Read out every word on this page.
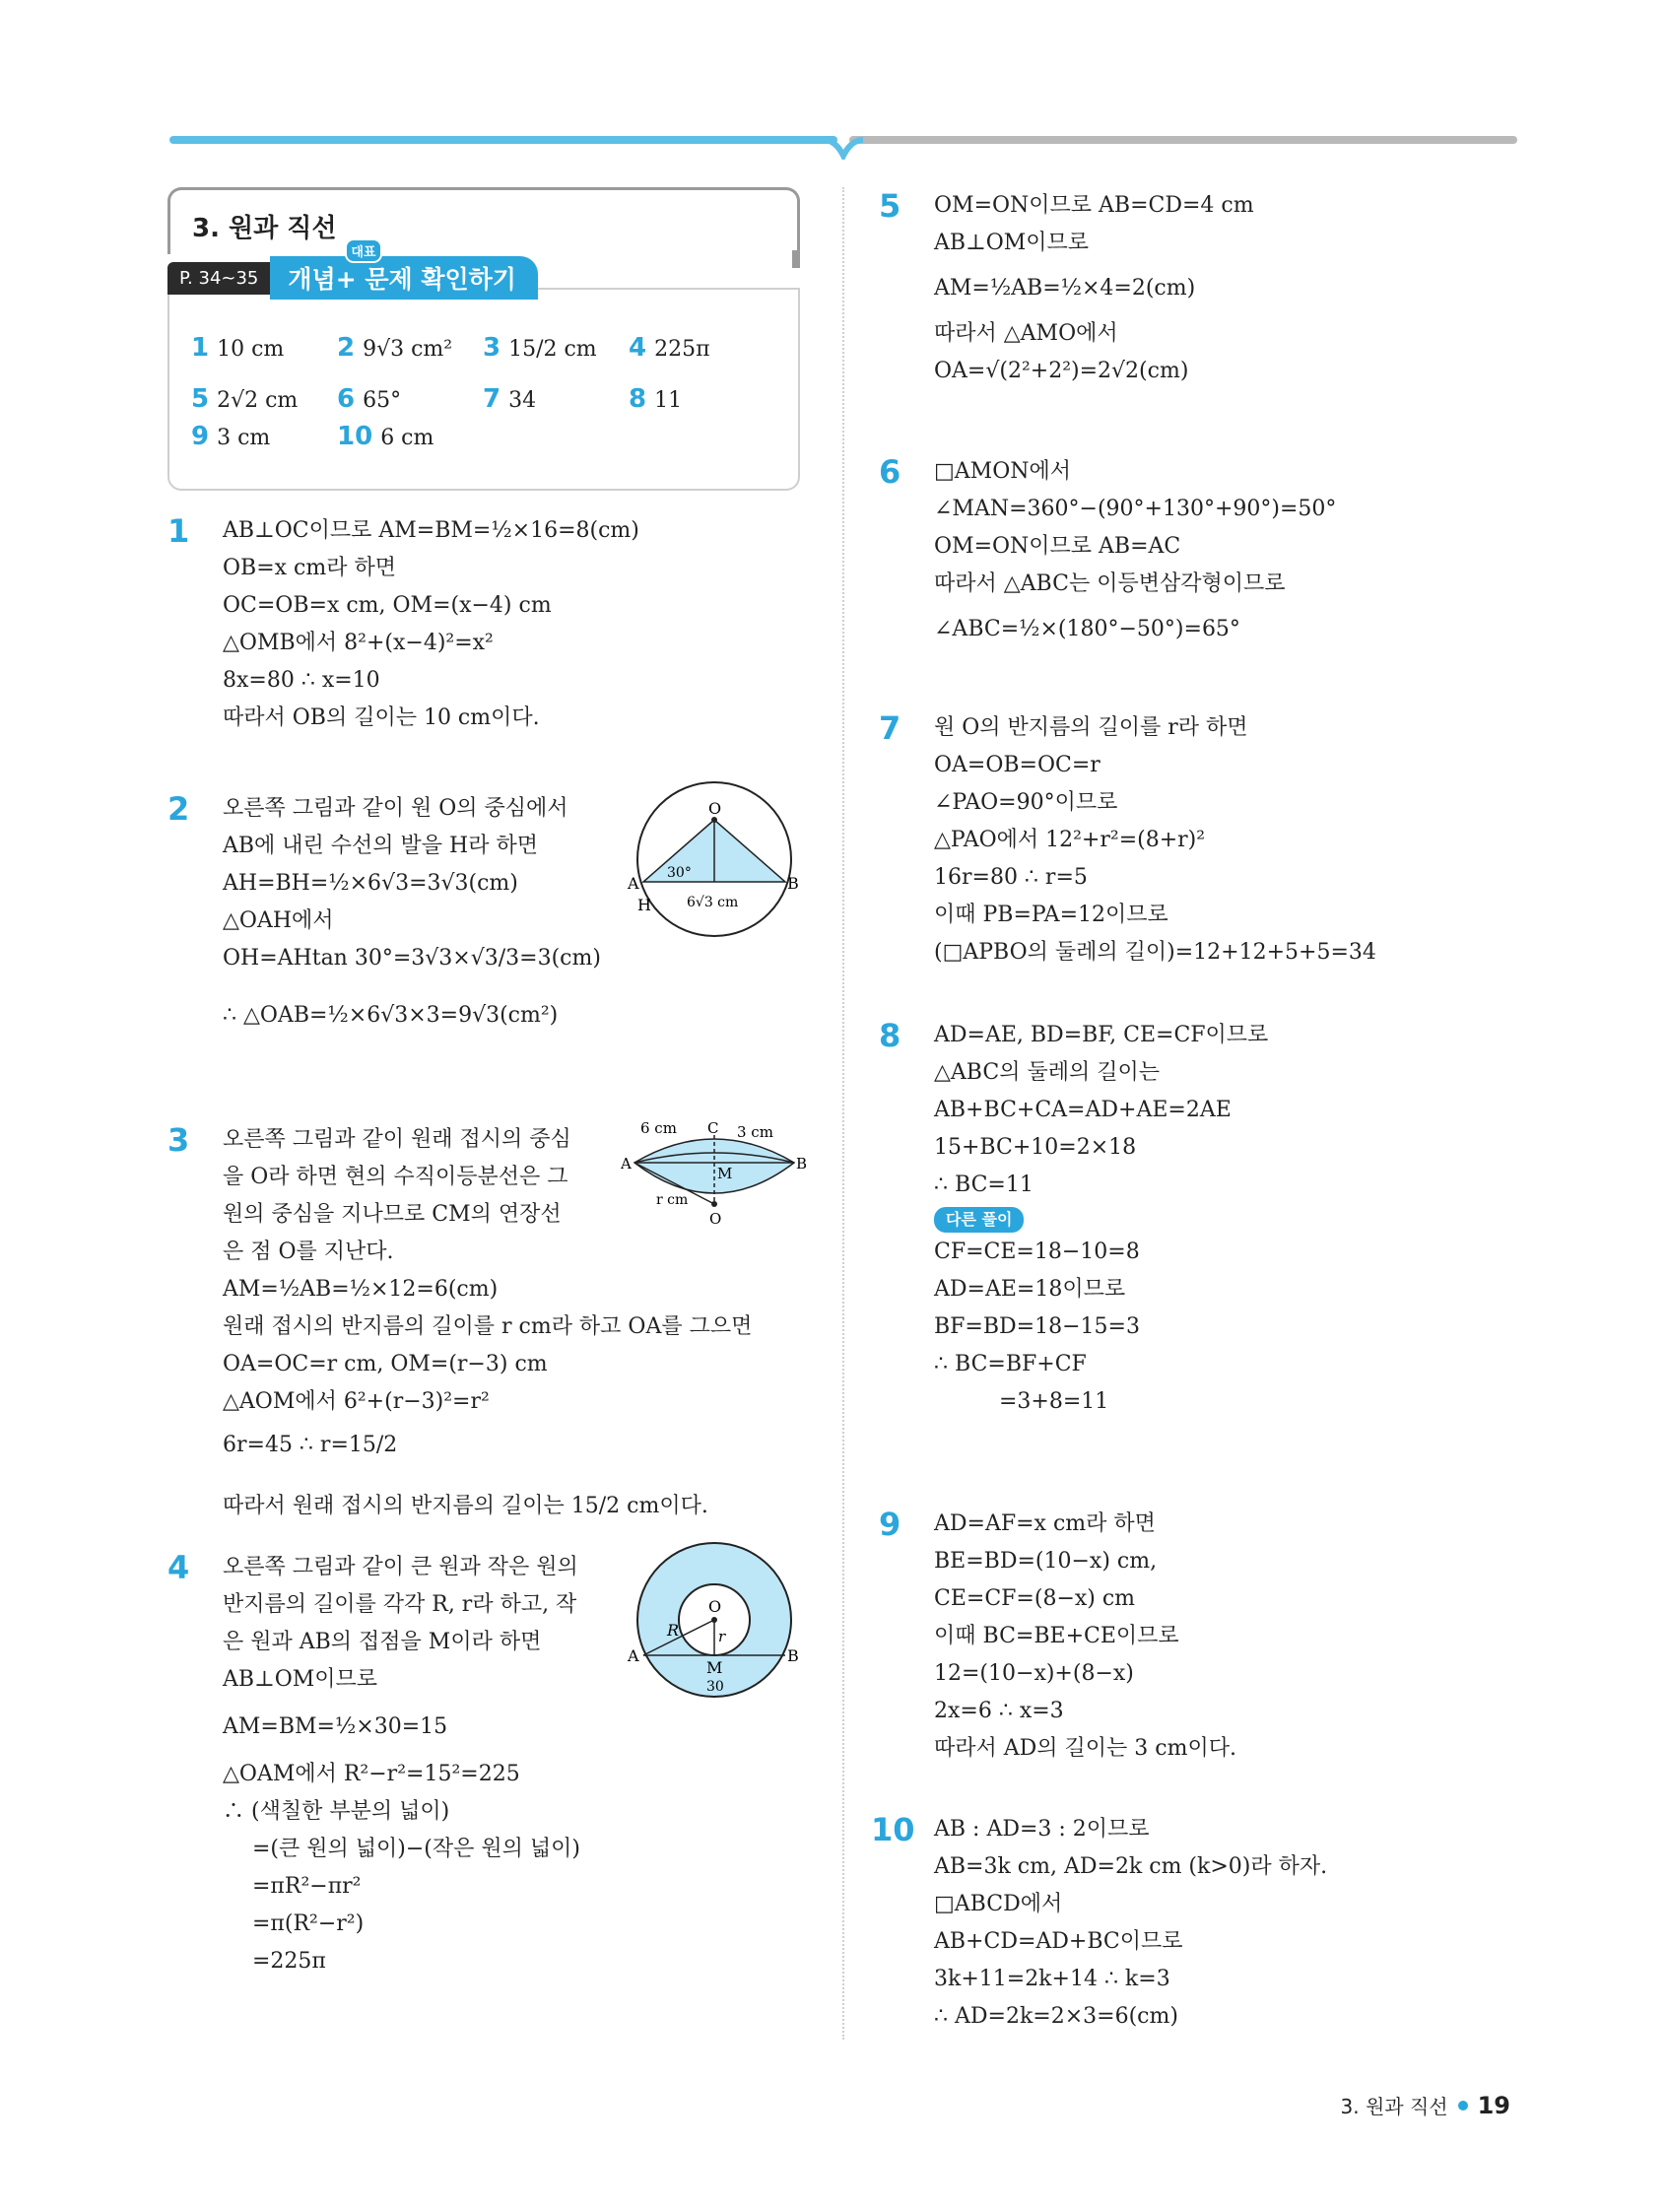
3. 원과 직선
P. 34~35	개념+ 문제 확인하기
대표
1 10 cm 2 9√3 cm² 3 15/2 cm 4 225π
5 2√2 cm 6 65°	7 34	8 11
9 3 cm	10 6 cm
1 AB⊥OC이므로 AM=BM=½×16=8(cm)
OB=x cm라 하면
OC=OB=x cm, OM=(x−4) cm
△OMB에서 8²+(x−4)²=x²
8x=80 ∴ x=10
따라서 OB의 길이는 10 cm이다.
2 오른쪽 그림과 같이 원 O의 중심에서
AB에 내린 수선의 발을 H라 하면
AH=BH=½×6√3=3√3(cm)
△OAH에서
OH=AHtan 30°=3√3×√3/3=3(cm)
∴ △OAB=½×6√3×3=9√3(cm²)
O
A	B
H
30°
6√3 cm
3 오른쪽 그림과 같이 원래 접시의 중심
을 O라 하면 현의 수직이등분선은 그
원의 중심을 지나므로 CM의 연장선
은 점 O를 지난다.
AM=½AB=½×12=6(cm)
원래 접시의 반지름의 길이를 r cm라 하고 OA를 그으면
OA=OC=r cm, OM=(r−3) cm
△AOM에서 6²+(r−3)²=r²
6r=45 ∴ r=15/2
따라서 원래 접시의 반지름의 길이는 15/2 cm이다.
6 cm C 3 cm
A	B
M
r cm
O
4 오른쪽 그림과 같이 큰 원과 작은 원의
반지름의 길이를 각각 R, r라 하고, 작
은 원과 AB의 접점을 M이라 하면
AB⊥OM이므로
AM=BM=½×30=15
△OAM에서 R²−r²=15²=225
∴ (색칠한 부분의 넓이)
=(큰 원의 넓이)−(작은 원의 넓이)
=πR²−πr²
=π(R²−r²)
=225π
O
R	r
A
M
B
30
5 OM=ON이므로 AB=CD=4 cm
AB⊥OM이므로
AM=½AB=½×4=2(cm)
따라서 △AMO에서
OA=√(2²+2²)=2√2(cm)
6 □AMON에서
∠MAN=360°−(90°+130°+90°)=50°
OM=ON이므로 AB=AC
따라서 △ABC는 이등변삼각형이므로
∠ABC=½×(180°−50°)=65°
7 원 O의 반지름의 길이를 r라 하면
OA=OB=OC=r
∠PAO=90°이므로
△PAO에서 12²+r²=(8+r)²
16r=80 ∴ r=5
이때 PB=PA=12이므로
(□APBO의 둘레의 길이)=12+12+5+5=34
8 AD=AE, BD=BF, CE=CF이므로
△ABC의 둘레의 길이는
AB+BC+CA=AD+AE=2AE
15+BC+10=2×18
∴ BC=11
다른 풀이
CF=CE=18−10=8
AD=AE=18이므로
BF=BD=18−15=3
∴ BC=BF+CF
=3+8=11
9 AD=AF=x cm라 하면
BE=BD=(10−x) cm,
CE=CF=(8−x) cm
이때 BC=BE+CE이므로
12=(10−x)+(8−x)
2x=6 ∴ x=3
따라서 AD의 길이는 3 cm이다.
10 AB : AD=3 : 2이므로
AB=3k cm, AD=2k cm (k>0)라 하자.
□ABCD에서
AB+CD=AD+BC이므로
3k+11=2k+14 ∴ k=3
∴ AD=2k=2×3=6(cm)
3. 원과 직선 19
